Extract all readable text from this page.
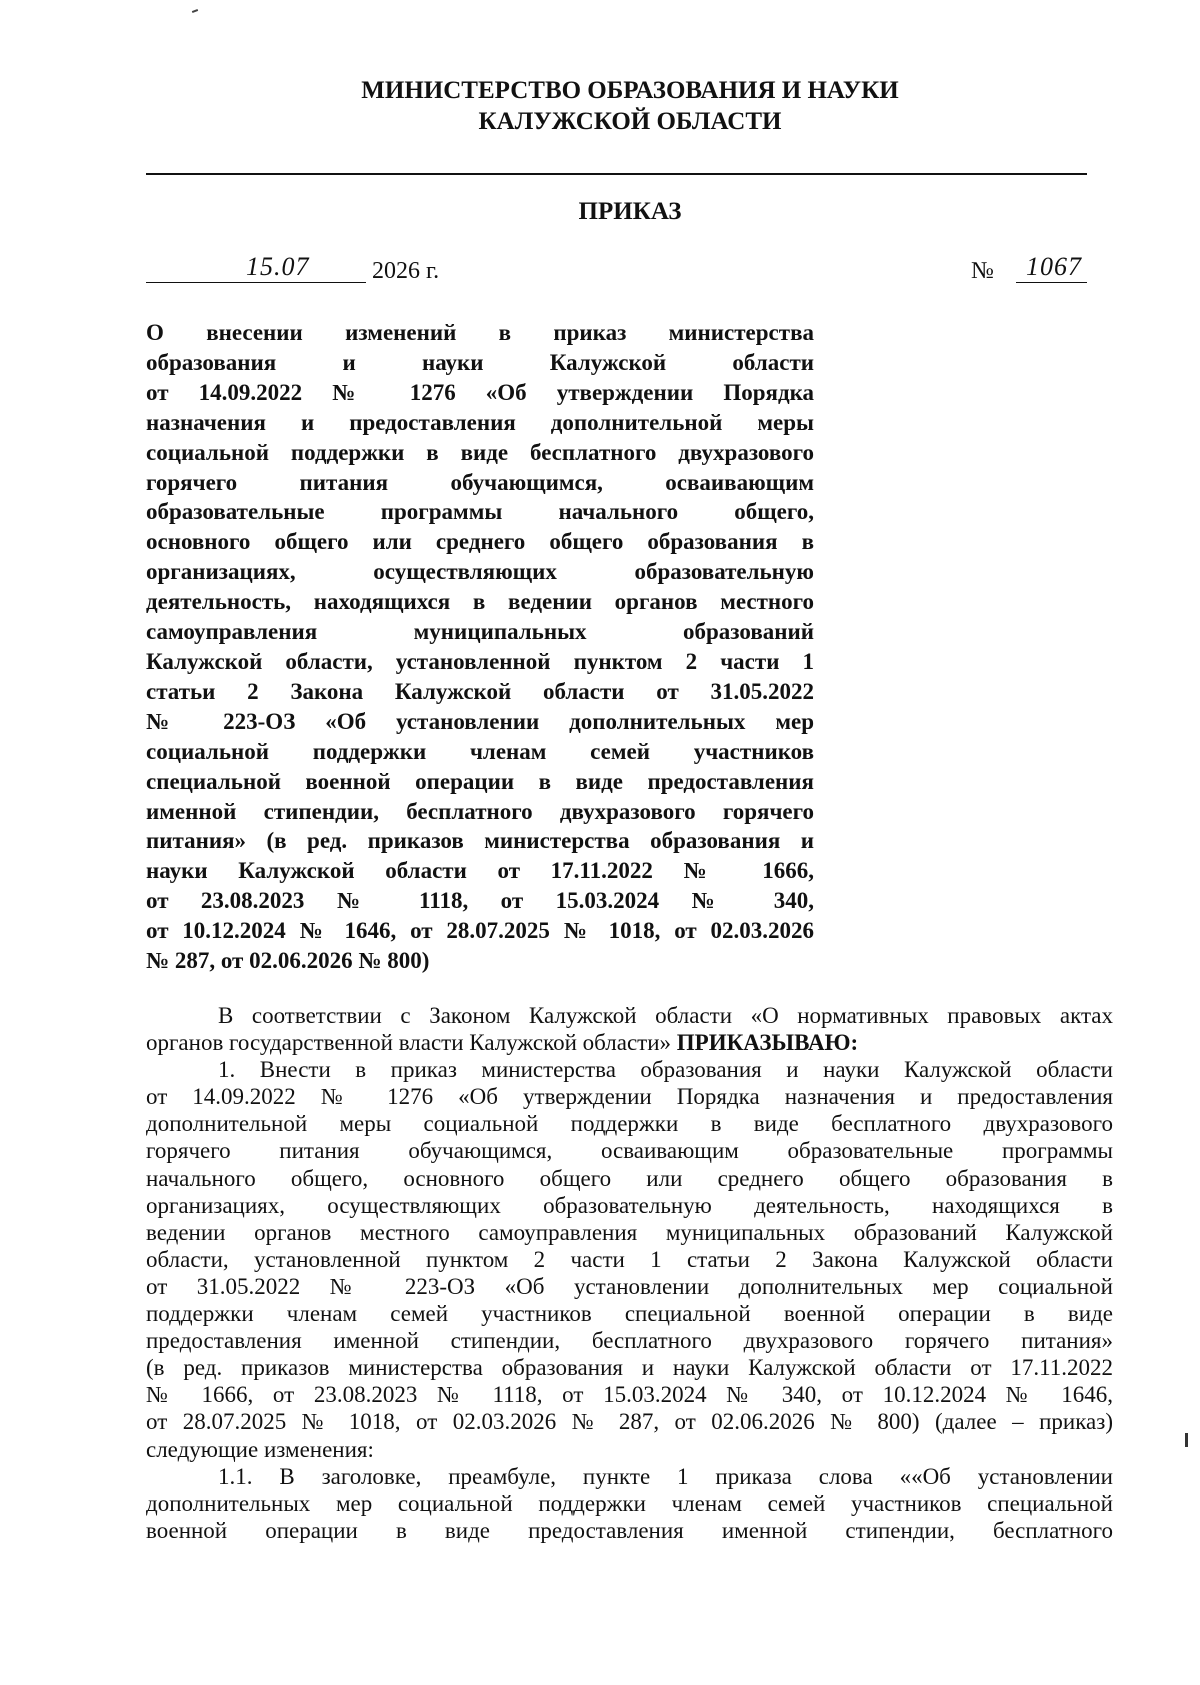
МИНИСТЕРСТВО ОБРАЗОВАНИЯ И НАУКИ
КАЛУЖСКОЙ ОБЛАСТИ
ПРИКАЗ
15.07	2026 г.	№ 1067
О внесении изменений в приказ министерства
образования и науки Калужской области
от 14.09.2022 № 1276 «Об утверждении Порядка
назначения и предоставления дополнительной меры
социальной поддержки в виде бесплатного двухразового
горячего питания обучающимся, осваивающим
образовательные программы начального общего,
основного общего или среднего общего образования в
организациях, осуществляющих образовательную
деятельность, находящихся в ведении органов местного
самоуправления муниципальных образований
Калужской области, установленной пунктом 2 части 1
статьи 2 Закона Калужской области от 31.05.2022
№ 223-ОЗ «Об установлении дополнительных мер
социальной поддержки членам семей участников
специальной военной операции в виде предоставления
именной стипендии, бесплатного двухразового горячего
питания» (в ред. приказов министерства образования и
науки Калужской области от 17.11.2022 № 1666,
от 23.08.2023 № 1118, от 15.03.2024 № 340,
от 10.12.2024 № 1646, от 28.07.2025 № 1018, от 02.03.2026
№ 287, от 02.06.2026 № 800)
В соответствии с Законом Калужской области «О нормативных правовых актах
органов государственной власти Калужской области» ПРИКАЗЫВАЮ:
1. Внести в приказ министерства образования и науки Калужской области
от 14.09.2022 № 1276 «Об утверждении Порядка назначения и предоставления
дополнительной меры социальной поддержки в виде бесплатного двухразового
горячего питания обучающимся, осваивающим образовательные программы
начального общего, основного общего или среднего общего образования в
организациях, осуществляющих образовательную деятельность, находящихся в
ведении органов местного самоуправления муниципальных образований Калужской
области, установленной пунктом 2 части 1 статьи 2 Закона Калужской области
от 31.05.2022 № 223-ОЗ «Об установлении дополнительных мер социальной
поддержки членам семей участников специальной военной операции в виде
предоставления именной стипендии, бесплатного двухразового горячего питания»
(в ред. приказов министерства образования и науки Калужской области от 17.11.2022
№ 1666, от 23.08.2023 № 1118, от 15.03.2024 № 340, от 10.12.2024 № 1646,
от 28.07.2025 № 1018, от 02.03.2026 № 287, от 02.06.2026 № 800) (далее – приказ)
следующие изменения:
1.1. В заголовке, преамбуле, пункте 1 приказа слова ««Об установлении
дополнительных мер социальной поддержки членам семей участников специальной
военной операции в виде предоставления именной стипендии, бесплатного
